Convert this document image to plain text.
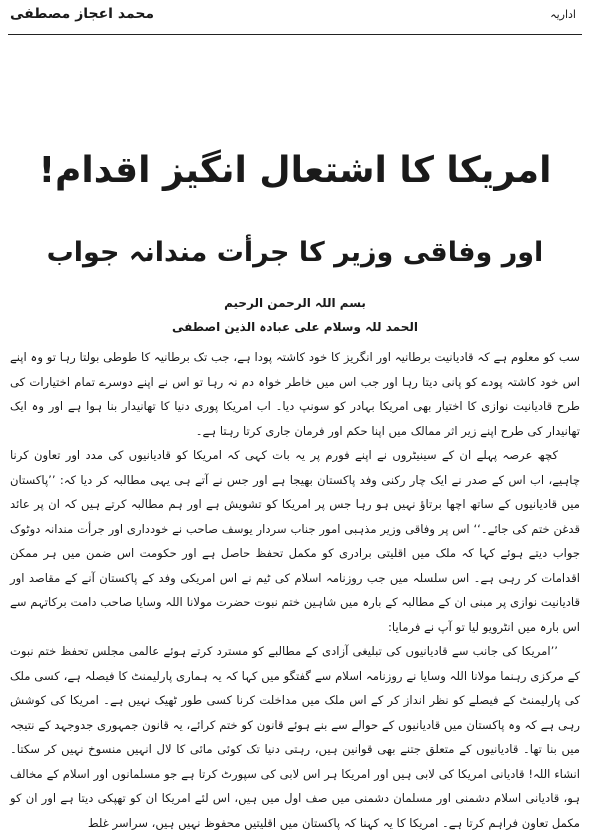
محمد اعجاز مصطفی	اداریہ
امریکا کا اشتعال انگیز اقدام!
اور وفاقی وزیر کا جرأت مندانہ جواب
بسم اللہ الرحمن الرحیم
الحمد للہ وسلام علی عبادہ الذین اصطفی

سب کو معلوم ہے کہ قادیانیت برطانیہ اور انگریز کا خود کاشتہ پودا ہے، جب تک برطانیہ کا طوطی بولتا رہا تو وہ اپنے اس خود کاشتہ پودے کو پانی دیتا رہا اور جب اس میں خاطر خواہ دم نہ رہا تو اس نے اپنے دوسرے تمام اختیارات کی طرح قادیانیت نوازی کا اختیار بھی امریکا بہادر کو سونپ دیا۔ اب امریکا پوری دنیا کا تھانیدار بنا ہوا ہے اور وہ ایک تھانیدار کی طرح اپنے زیر اثر ممالک میں اپنا حکم اور فرمان جاری کرتا رہتا ہے۔

کچھ عرصہ پہلے ان کے سینیٹروں نے اپنے فورم پر یہ بات کہی کہ امریکا کو قادیانیوں کی مدد اور تعاون کرنا چاہیے، اب اس کے صدر نے ایک چار رکنی وفد پاکستان بھیجا ہے اور جس نے آتے ہی یہی مطالبہ کر دیا کہ: ’’پاکستان میں قادیانیوں کے ساتھ اچھا برتاؤ نہیں ہو رہا جس پر امریکا کو تشویش ہے اور ہم مطالبہ کرتے ہیں کہ ان پر عائد قدغن ختم کی جائے۔‘‘ اس پر وفاقی وزیر مذہبی امور جناب سردار یوسف صاحب نے خودداری اور جرأت مندانہ دوٹوک جواب دیتے ہوئے کہا کہ ملک میں اقلیتی برادری کو مکمل تحفظ حاصل ہے اور حکومت اس ضمن میں ہر ممکن اقدامات کر رہی ہے۔ اس سلسلہ میں جب روزنامہ اسلام کی ٹیم نے اس امریکی وفد کے پاکستان آنے کے مقاصد اور قادیانیت نوازی پر مبنی ان کے مطالبہ کے بارہ میں شاہین ختم نبوت حضرت مولانا اللہ وسایا صاحب دامت برکاتہم سے اس بارہ میں انٹرویو لیا تو آپ نے فرمایا:

’’امریکا کی جانب سے قادیانیوں کی تبلیغی آزادی کے مطالبے کو مسترد کرتے ہوئے عالمی مجلس تحفظ ختم نبوت کے مرکزی رہنما مولانا اللہ وسایا نے روزنامہ اسلام سے گفتگو میں کہا کہ یہ ہماری پارلیمنٹ کا فیصلہ ہے، کسی ملک کی پارلیمنٹ کے فیصلے کو نظر انداز کر کے اس ملک میں مداخلت کرنا کسی طور ٹھیک نہیں ہے۔ امریکا کی کوشش رہی ہے کہ وہ پاکستان میں قادیانیوں کے حوالے سے بنے ہوئے قانون کو ختم کرائے، یہ قانون جمہوری جدوجہد کے نتیجہ میں بنا تھا۔ قادیانیوں کے متعلق جتنے بھی قوانین ہیں، رہتی دنیا تک کوئی مائی کا لال انہیں منسوخ نہیں کر سکتا۔ انشاء اللہ! قادیانی امریکا کی لابی ہیں اور امریکا ہر اس لابی کی سپورٹ کرتا ہے جو مسلمانوں اور اسلام کے مخالف ہو، قادیانی اسلام دشمنی اور مسلمان دشمنی میں صف اول میں ہیں، اس لئے امریکا ان کو تھپکی دیتا ہے اور ان کو مکمل تعاون فراہم کرتا ہے۔ امریکا کا یہ کہنا کہ پاکستان میں اقلیتیں محفوظ نہیں ہیں، سراسر غلط
